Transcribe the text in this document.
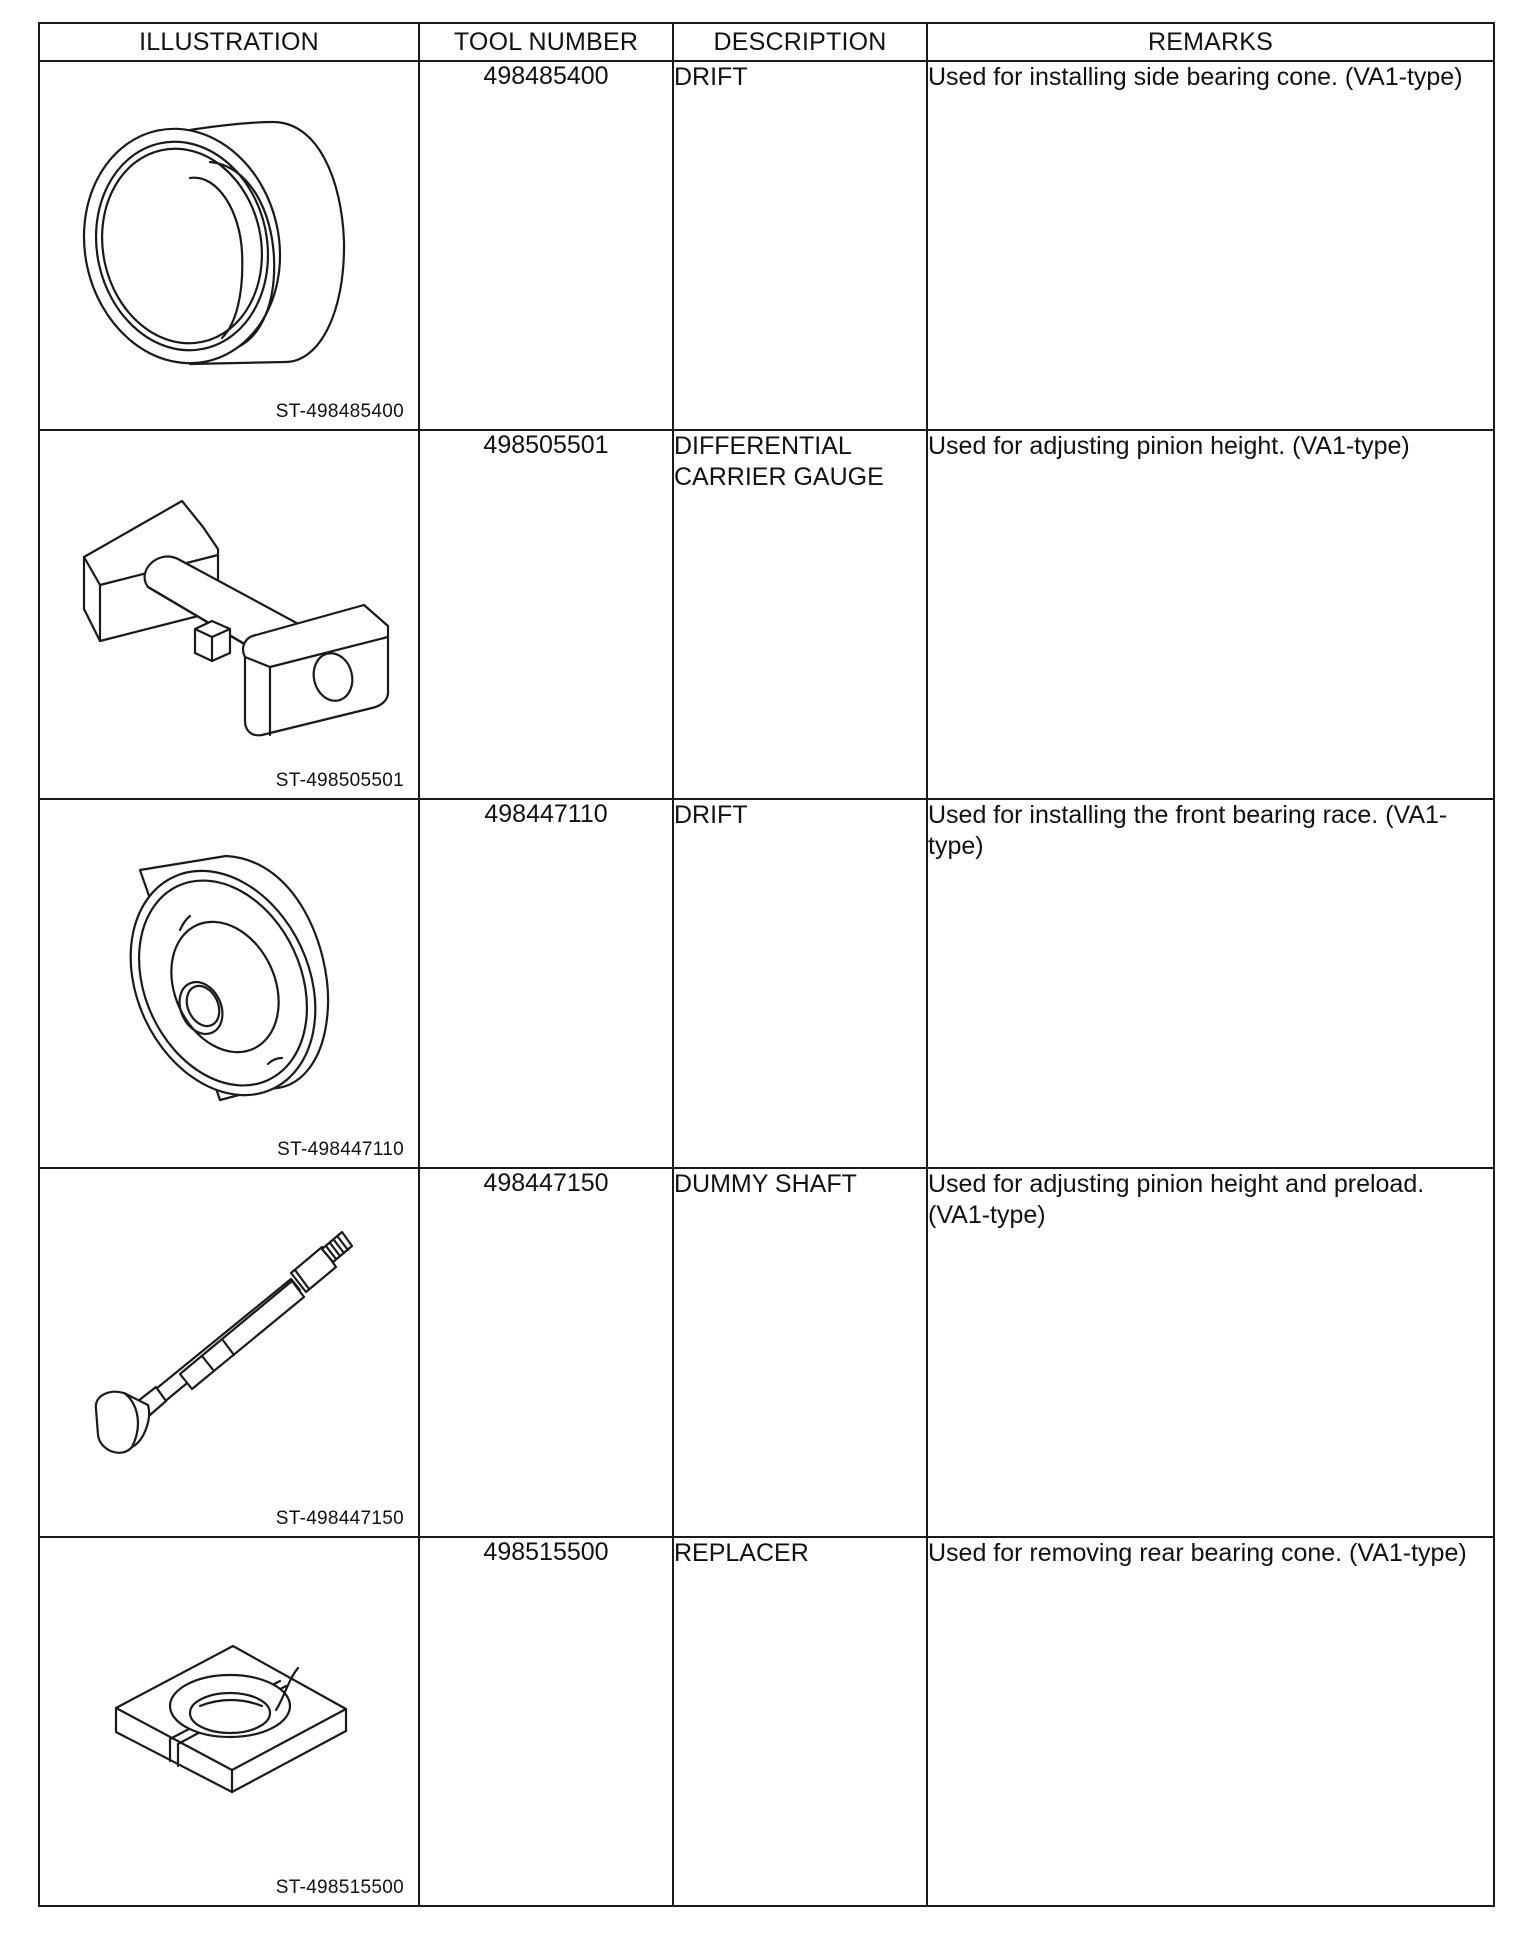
ILLUSTRATION	TOOL NUMBER	DESCRIPTION	REMARKS

ST-498485400	498485400	DRIFT	Used for installing side bearing cone. (VA1-type)

ST-498505501	498505501	DIFFERENTIAL CARRIER GAUGE	Used for adjusting pinion height. (VA1-type)

ST-498447110	498447110	DRIFT	Used for installing the front bearing race. (VA1-type)

ST-498447150	498447150	DUMMY SHAFT	Used for adjusting pinion height and preload. (VA1-type)

ST-498515500	498515500	REPLACER	Used for removing rear bearing cone. (VA1-type)
